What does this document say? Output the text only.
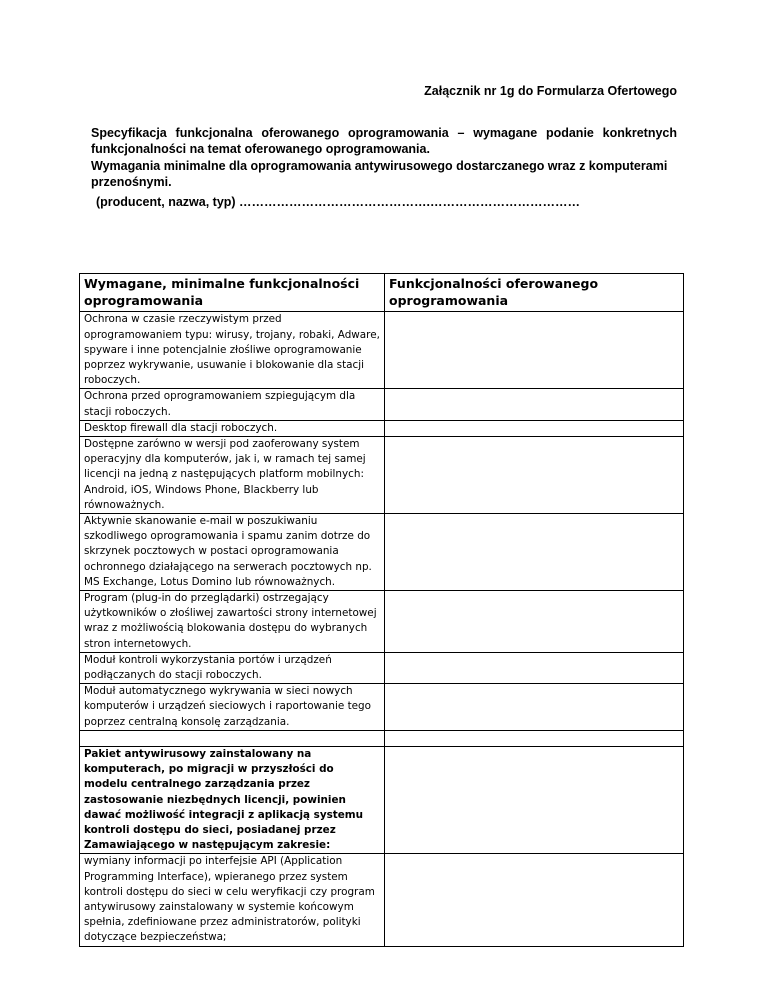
Załącznik nr 1g do Formularza Ofertowego
Specyfikacja funkcjonalna oferowanego oprogramowania – wymagane podanie konkretnych funkcjonalności na temat oferowanego oprogramowania.
Wymagania minimalne dla oprogramowania antywirusowego dostarczanego wraz z komputerami przenośnymi.
(producent, nazwa, typ) ……………………………………….………………………………
Wymagane, minimalne funkcjonalności oprogramowania	Funkcjonalności oferowanego oprogramowania
Ochrona w czasie rzeczywistym przed oprogramowaniem typu: wirusy, trojany, robaki, Adware, spyware i inne potencjalnie złośliwe oprogramowanie poprzez wykrywanie, usuwanie i blokowanie dla stacji roboczych.	
Ochrona przed oprogramowaniem szpiegującym dla stacji roboczych.	
Desktop firewall dla stacji roboczych.	
Dostępne zarówno w wersji pod zaoferowany system operacyjny dla komputerów, jak i, w ramach tej samej licencji na jedną z następujących platform mobilnych: Android, iOS, Windows Phone, Blackberry lub równoważnych.	
Aktywnie skanowanie e-mail w poszukiwaniu szkodliwego oprogramowania i spamu zanim dotrze do skrzynek pocztowych w postaci oprogramowania ochronnego działającego na serwerach pocztowych np. MS Exchange, Lotus Domino lub równoważnych.	
Program (plug-in do przeglądarki) ostrzegający użytkowników o złośliwej zawartości strony internetowej wraz z możliwością blokowania dostępu do wybranych stron internetowych.	
Moduł kontroli wykorzystania portów i urządzeń podłączanych do stacji roboczych.	
Moduł automatycznego wykrywania w sieci nowych komputerów i urządzeń sieciowych i raportowanie tego poprzez centralną konsolę zarządzania.	

Pakiet antywirusowy zainstalowany na komputerach, po migracji w przyszłości do modelu centralnego zarządzania przez zastosowanie niezbędnych licencji, powinien dawać możliwość integracji z aplikacją systemu kontroli dostępu do sieci, posiadanej przez Zamawiającego w następującym zakresie:	
wymiany informacji po interfejsie API (Application Programming Interface), wpieranego przez system kontroli dostępu do sieci w celu weryfikacji czy program antywirusowy zainstalowany w systemie końcowym spełnia, zdefiniowane przez administratorów, polityki dotyczące bezpieczeństwa;	
